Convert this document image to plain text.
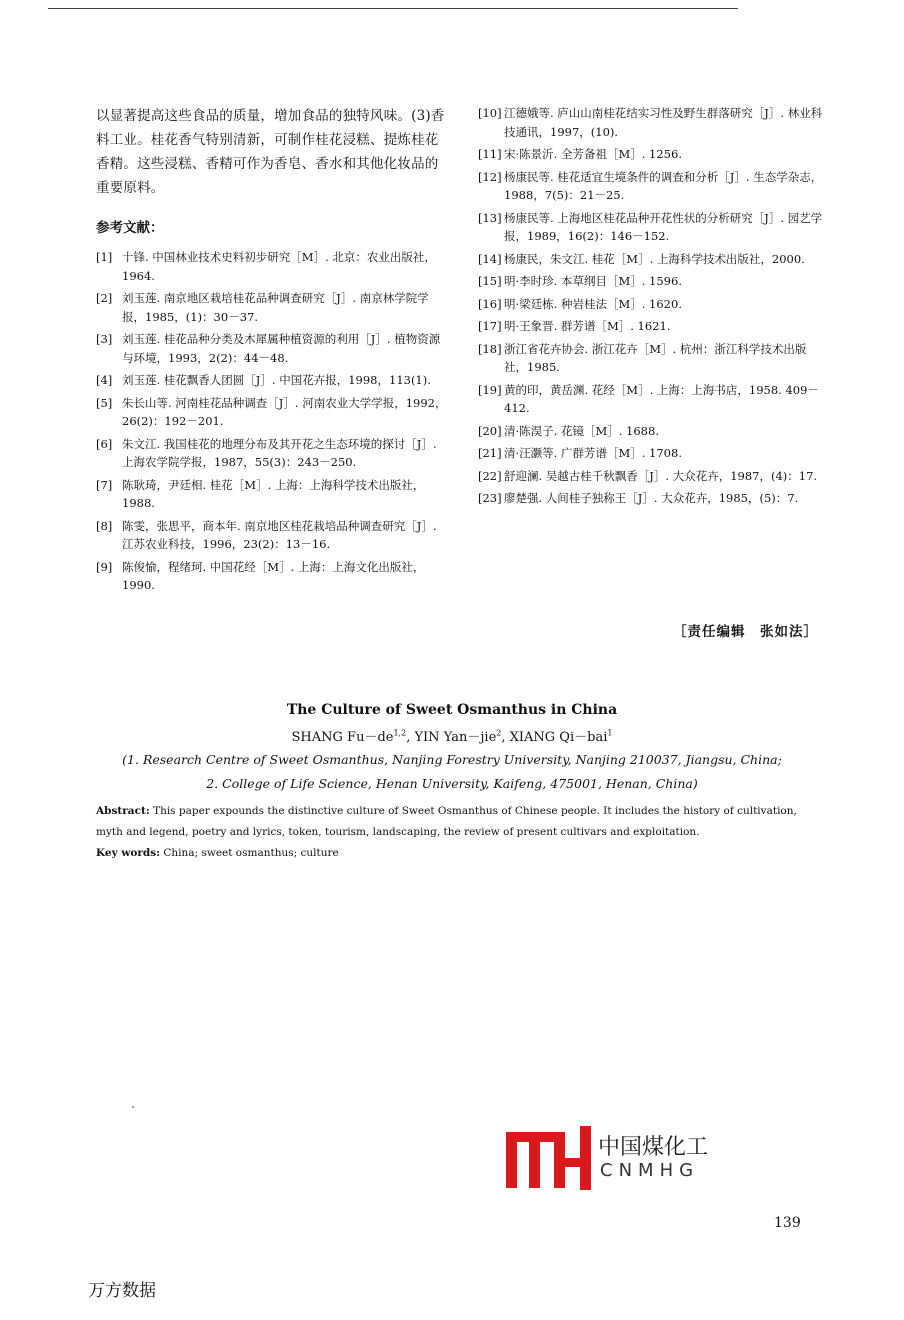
以显著提高这些食品的质量，增加食品的独特风味。(3)香料工业。桂花香气特别清新，可制作桂花浸糕、提炼桂花香精。这些浸糕、香精可作为香皂、香水和其他化妆品的重要原料。

参考文献：

[1] 十锋. 中国林业技术史料初步研究［M］. 北京：农业出版社，1964.

[2] 刘玉莲. 南京地区栽培桂花品种调查研究［J］. 南京林学院学报，1985，(1)：30－37.

[3] 刘玉莲. 桂花品种分类及木犀属种植资源的利用［J］. 植物资源与环境，1993，2(2)：44－48.

[4] 刘玉莲. 桂花飘香人团圆［J］. 中国花卉报，1998，113(1).

[5] 朱长山等. 河南桂花品种调查［J］. 河南农业大学学报，1992，26(2)：192－201.

[6] 朱文江. 我国桂花的地理分布及其开花之生态环境的探讨［J］. 上海农学院学报，1987，55(3)：243－250.

[7] 陈耿琦，尹廷相. 桂花［M］. 上海：上海科学技术出版社，1988.

[8] 陈雯，张思平，商本年. 南京地区桂花栽培品种调查研究［J］. 江苏农业科技，1996，23(2)：13－16.

[9] 陈俊愉，程绪珂. 中国花经［M］. 上海：上海文化出版社，1990.

[10] 江德娥等. 庐山山南桂花结实习性及野生群落研究［J］. 林业科技通讯，1997，(10).

[11] 宋·陈景沂. 全芳备祖［M］. 1256.

[12] 杨康民等. 桂花适宜生境条件的调查和分析［J］. 生态学杂志，1988，7(5)：21－25.

[13] 杨康民等. 上海地区桂花品种开花性状的分析研究［J］. 园艺学报，1989，16(2)：146－152.

[14] 杨康民，朱文江. 桂花［M］. 上海科学技术出版社，2000.

[15] 明·李时珍. 本草纲目［M］. 1596.

[16] 明·梁廷栋. 种岩桂法［M］. 1620.

[17] 明·王象晋. 群芳谱［M］. 1621.

[18] 浙江省花卉协会. 浙江花卉［M］. 杭州：浙江科学技术出版社，1985.

[19] 黄的印，黄岳渊. 花经［M］. 上海：上海书店，1958. 409－412.

[20] 清·陈淏子. 花镜［M］. 1688.

[21] 清·汪灏等. 广群芳谱［M］. 1708.

[22] 舒迎澜. 吴越古桂千秋飘香［J］. 大众花卉，1987，(4)：17.

[23] 廖楚强. 人间桂子独称王［J］. 大众花卉，1985，(5)：7.

［责任编辑　张如法］
The Culture of Sweet Osmanthus in China
SHANG Fu－de$^{1,2}$, YIN Yan－jie$^2$, XIANG Qi－bai$^1$
(1. Research Centre of Sweet Osmanthus, Nanjing Forestry University, Nanjing 210037, Jiangsu, China;
2. College of Life Science, Henan University, Kaifeng, 475001, Henan, China)
Abstract: This paper expounds the distinctive culture of Sweet Osmanthus of Chinese people. It includes the history of cultivation, myth and legend, poetry and lyrics, token, tourism, landscaping, the review of present cultivars and exploitation.
Key words: China; sweet osmanthus; culture
中国煤化工
CNMHG
139
万方数据
